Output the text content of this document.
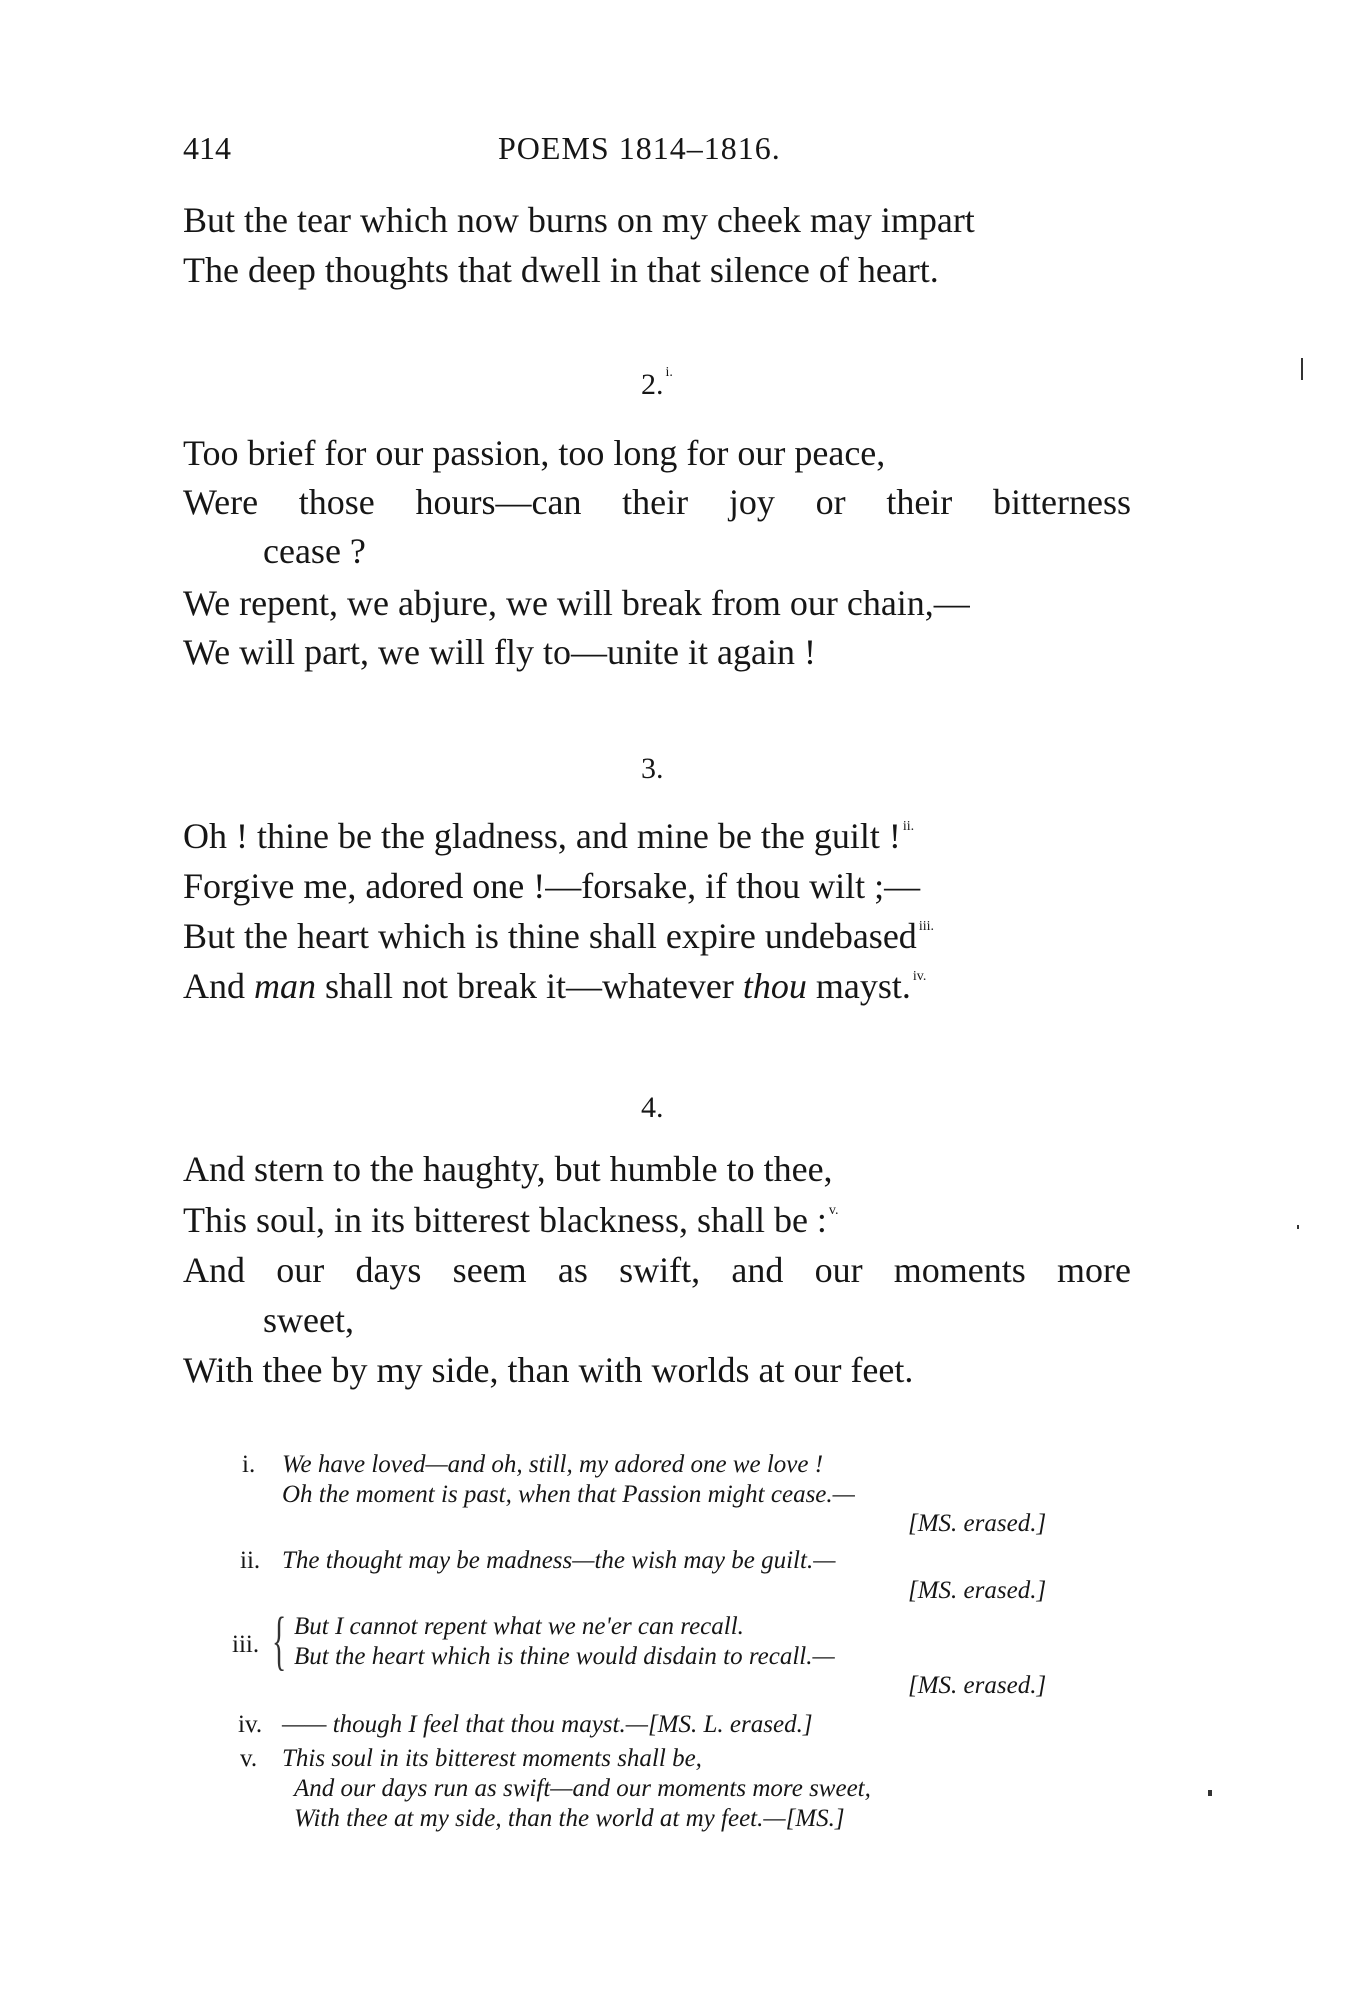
414	POEMS 1814–1816.
But the tear which now burns on my cheek may impart
The deep thoughts that dwell in that silence of heart.
2. $^{i.}$
Too brief for our passion, too long for our peace,
Were those hours—can their joy or their bitterness
cease ?
We repent, we abjure, we will break from our chain,—
We will part, we will fly to—unite it again !
3.
Oh ! thine be the gladness, and mine be the guilt ! $^{ii.}$
Forgive me, adored one !—forsake, if thou wilt ;—
But the heart which is thine shall expire undebased $^{iii.}$
And man shall not break it—whatever thou mayst. $^{iv.}$
4.
And stern to the haughty, but humble to thee,
This soul, in its bitterest blackness, shall be : $^{v.}$
And our days seem as swift, and our moments more
sweet,
With thee by my side, than with worlds at our feet.
i. We have loved—and oh, still, my adored one we love !
Oh the moment is past, when that Passion might cease.—
[MS. erased.]
ii. The thought may be madness—the wish may be guilt.—
[MS. erased.]
iii. { But I cannot repent what we ne'er can recall.
But the heart which is thine would disdain to recall.—
[MS. erased.]
iv. —— though I feel that thou mayst.—[MS. L. erased.]
v. This soul in its bitterest moments shall be,
And our days run as swift—and our moments more sweet,
With thee at my side, than the world at my feet.—[MS.]
